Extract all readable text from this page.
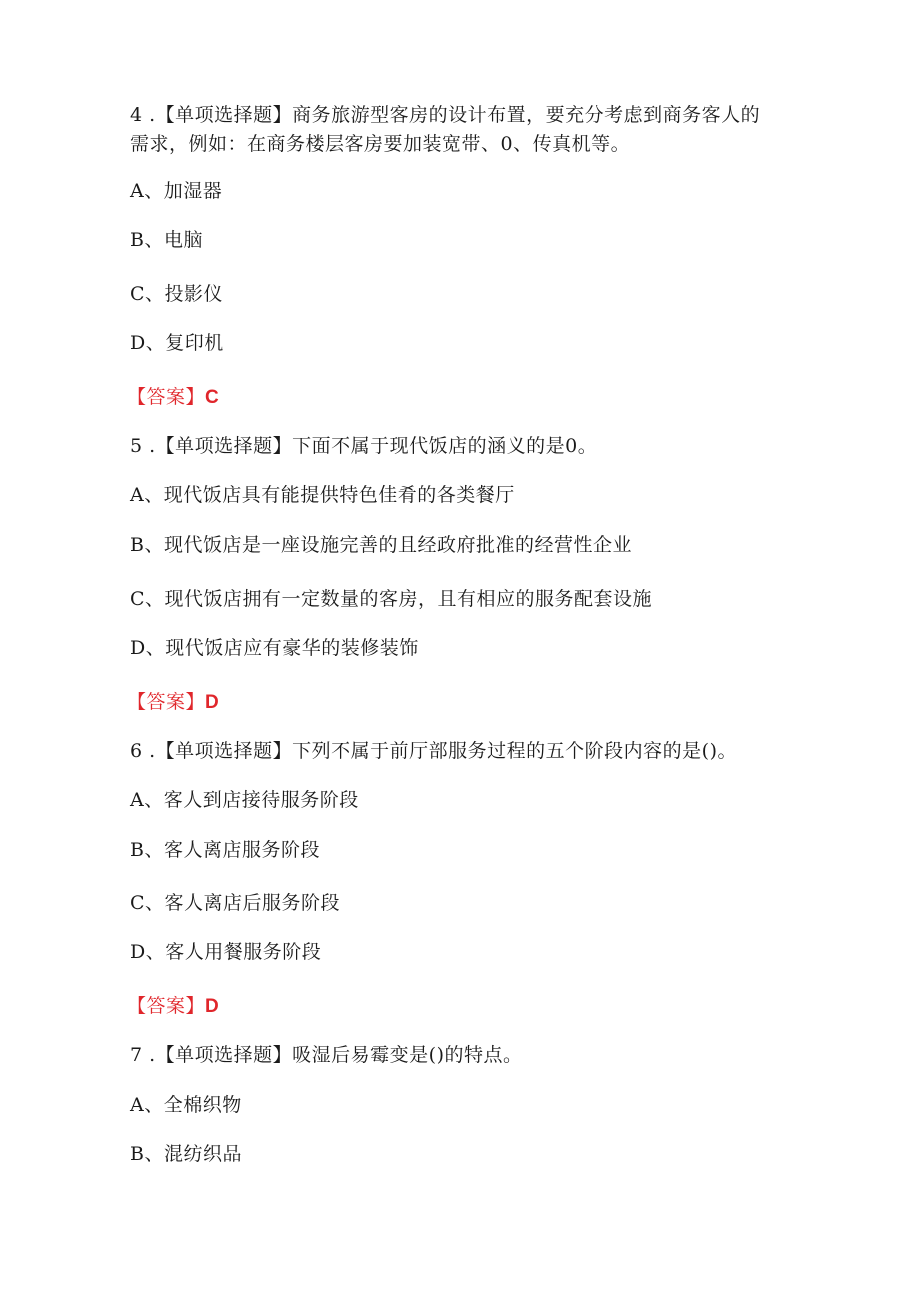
4 .【单项选择题】商务旅游型客房的设计布置，要充分考虑到商务客人的
需求，例如：在商务楼层客房要加装宽带、0、传真机等。
A、加湿器
B、电脑
C、投影仪
D、复印机
【答案】C
5 .【单项选择题】下面不属于现代饭店的涵义的是0。
A、现代饭店具有能提供特色佳肴的各类餐厅
B、现代饭店是一座设施完善的且经政府批准的经营性企业
C、现代饭店拥有一定数量的客房，且有相应的服务配套设施
D、现代饭店应有豪华的装修装饰
【答案】D
6 .【单项选择题】下列不属于前厅部服务过程的五个阶段内容的是()。
A、客人到店接待服务阶段
B、客人离店服务阶段
C、客人离店后服务阶段
D、客人用餐服务阶段
【答案】D
7 .【单项选择题】吸湿后易霉变是()的特点。
A、全棉织物
B、混纺织品
